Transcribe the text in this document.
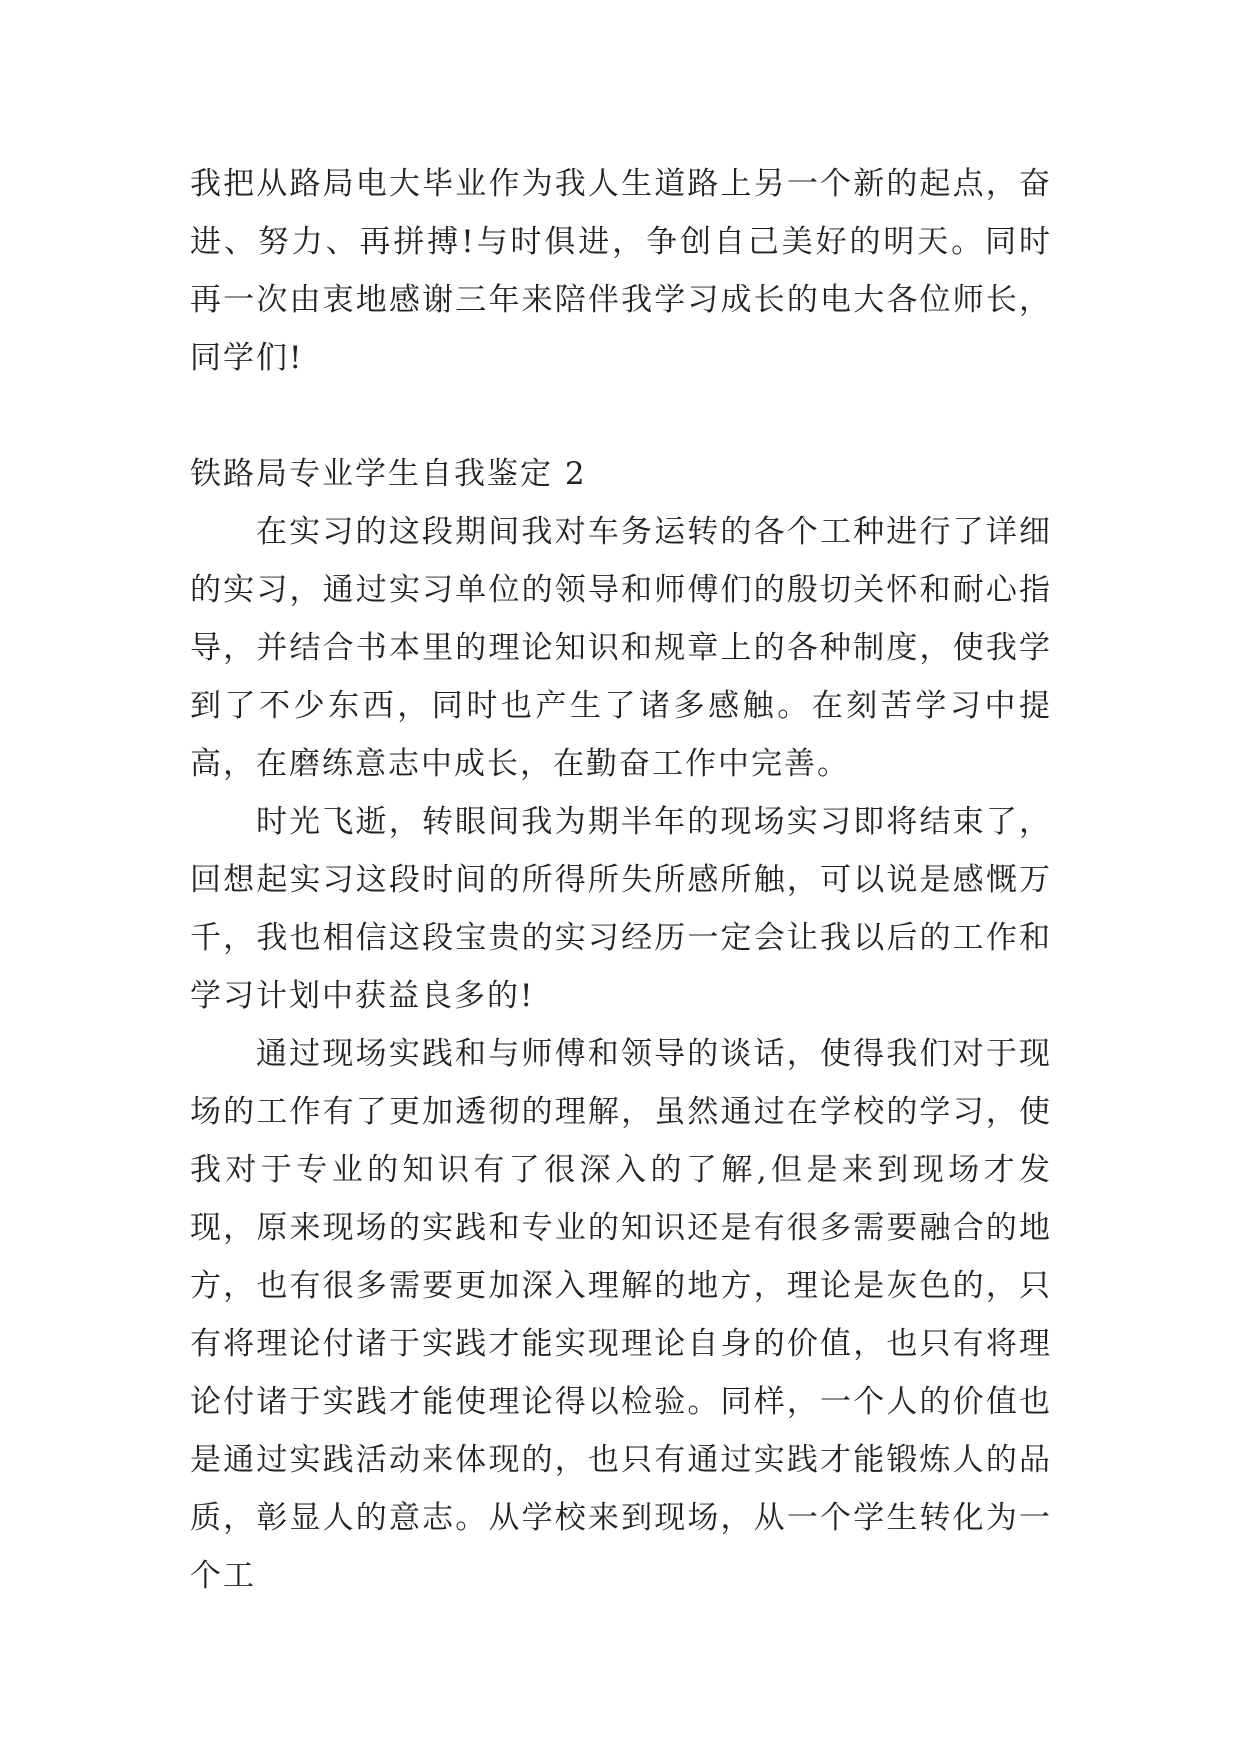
我把从路局电大毕业作为我人生道路上另一个新的起点，奋进、努力、再拼搏!与时俱进，争创自己美好的明天。同时再一次由衷地感谢三年来陪伴我学习成长的电大各位师长，同学们!

铁路局专业学生自我鉴定 2

在实习的这段期间我对车务运转的各个工种进行了详细的实习，通过实习单位的领导和师傅们的殷切关怀和耐心指导，并结合书本里的理论知识和规章上的各种制度，使我学到了不少东西，同时也产生了诸多感触。在刻苦学习中提高，在磨练意志中成长，在勤奋工作中完善。

时光飞逝，转眼间我为期半年的现场实习即将结束了，回想起实习这段时间的所得所失所感所触，可以说是感慨万千，我也相信这段宝贵的实习经历一定会让我以后的工作和学习计划中获益良多的!

通过现场实践和与师傅和领导的谈话，使得我们对于现场的工作有了更加透彻的理解，虽然通过在学校的学习，使我对于专业的知识有了很深入的了解,但是来到现场才发现，原来现场的实践和专业的知识还是有很多需要融合的地方，也有很多需要更加深入理解的地方，理论是灰色的，只有将理论付诸于实践才能实现理论自身的价值，也只有将理论付诸于实践才能使理论得以检验。同样，一个人的价值也是通过实践活动来体现的，也只有通过实践才能锻炼人的品质，彰显人的意志。从学校来到现场，从一个学生转化为一个工
